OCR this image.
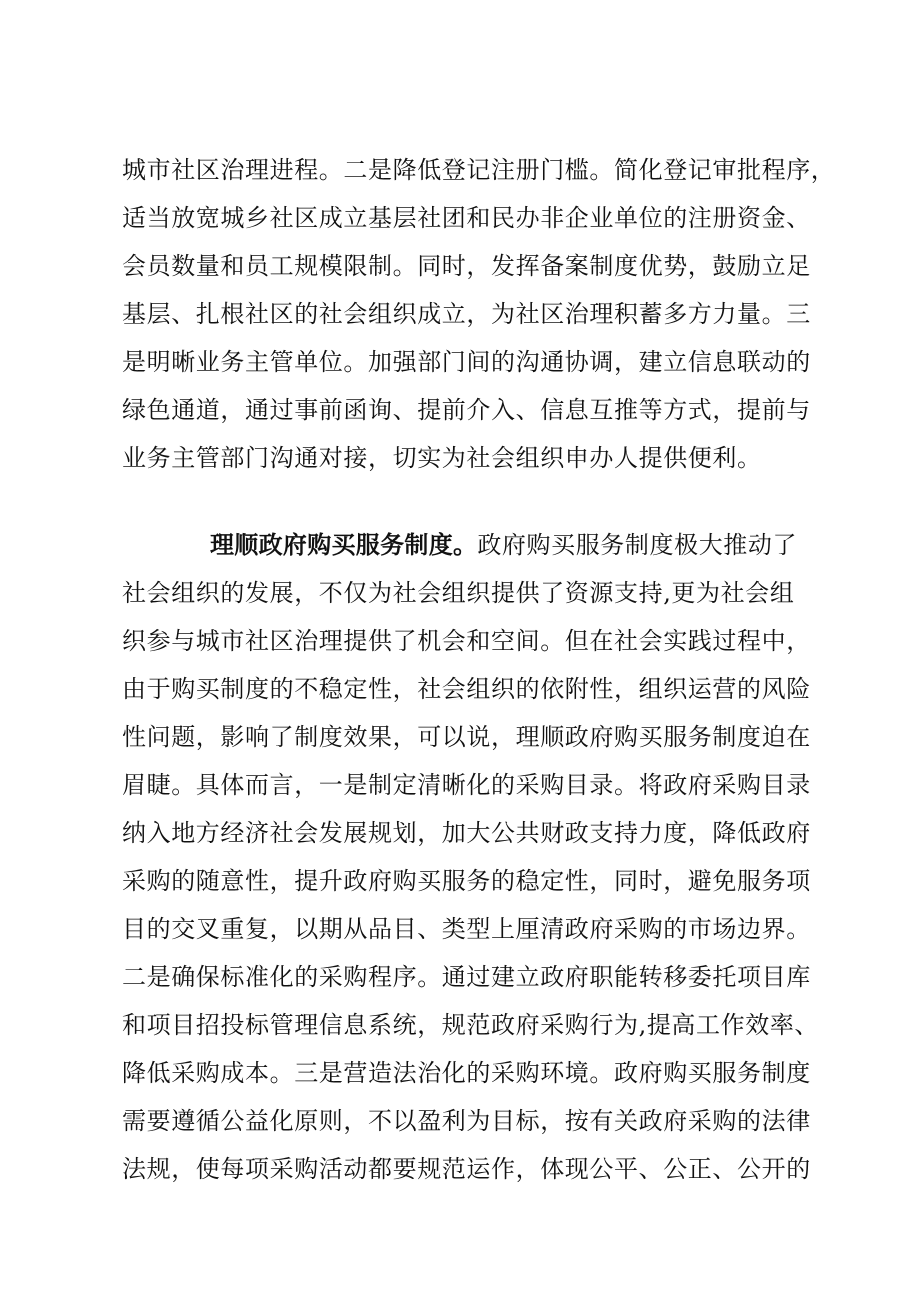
城市社区治理进程。二是降低登记注册门槛。简化登记审批程序，
适当放宽城乡社区成立基层社团和民办非企业单位的注册资金、
会员数量和员工规模限制。同时，发挥备案制度优势，鼓励立足
基层、扎根社区的社会组织成立，为社区治理积蓄多方力量。三
是明晰业务主管单位。加强部门间的沟通协调，建立信息联动的
绿色通道，通过事前函询、提前介入、信息互推等方式，提前与
业务主管部门沟通对接，切实为社会组织申办人提供便利。
理顺政府购买服务制度。政府购买服务制度极大推动了
社会组织的发展，不仅为社会组织提供了资源支持,更为社会组
织参与城市社区治理提供了机会和空间。但在社会实践过程中，
由于购买制度的不稳定性，社会组织的依附性，组织运营的风险
性问题，影响了制度效果，可以说，理顺政府购买服务制度迫在
眉睫。具体而言，一是制定清晰化的采购目录。将政府采购目录
纳入地方经济社会发展规划，加大公共财政支持力度，降低政府
采购的随意性，提升政府购买服务的稳定性，同时，避免服务项
目的交叉重复，以期从品目、类型上厘清政府采购的市场边界。
二是确保标准化的采购程序。通过建立政府职能转移委托项目库
和项目招投标管理信息系统，规范政府采购行为,提高工作效率、
降低采购成本。三是营造法治化的采购环境。政府购买服务制度
需要遵循公益化原则，不以盈利为目标，按有关政府采购的法律
法规，使每项采购活动都要规范运作，体现公平、公正、公开的
